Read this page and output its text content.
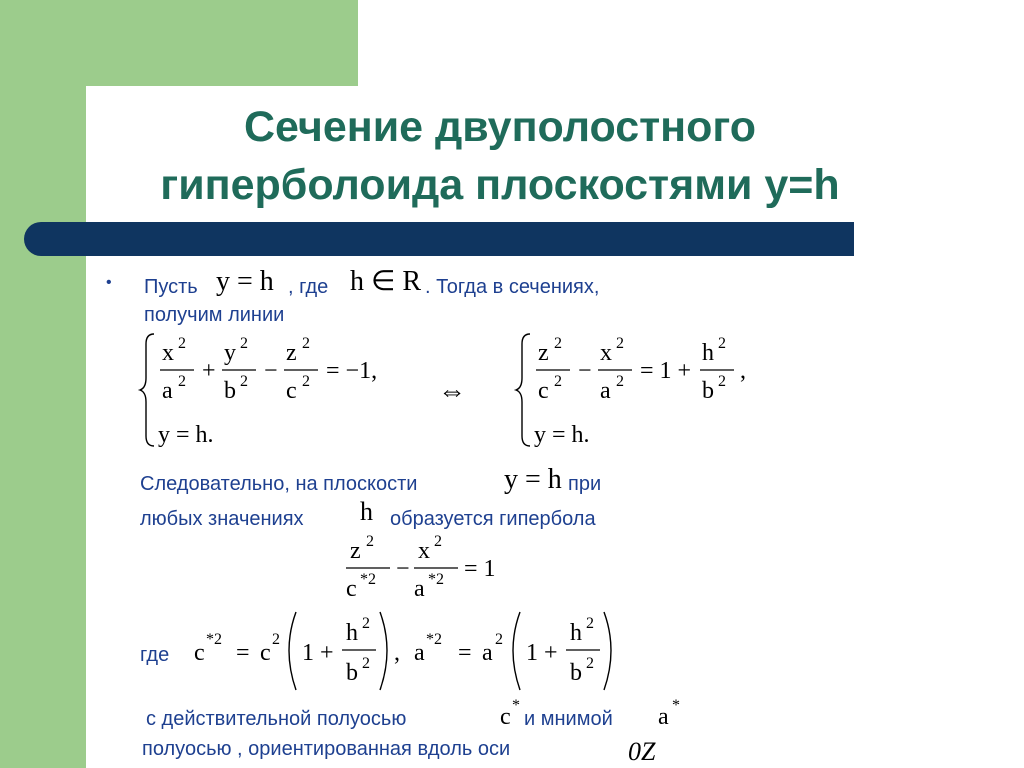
Сечение двуполостного
гиперболоида плоскостями y=h
• Пусть y = h , где h ∈ R . Тогда в сечениях,
получим линии
x 2
a 2 +
y 2
b 2 −
z 2
c 2 = −1,
y = h.
⇔
z 2
c 2 −
x 2
a 2 = 1 +
h 2
b 2 ,
y = h.
Следовательно, на плоскости	y = h при
любых значениях h образуется гипербола
z 2
c *2 −
x 2
a *2 = 1
где c
*2
= c
2
1 +
h 2
b 2 , a
*2
= a
2
1 +
h 2
b 2
с действительной полуосью	c *
и мнимой a *
полуосью , ориентированная вдоль оси	0Z
